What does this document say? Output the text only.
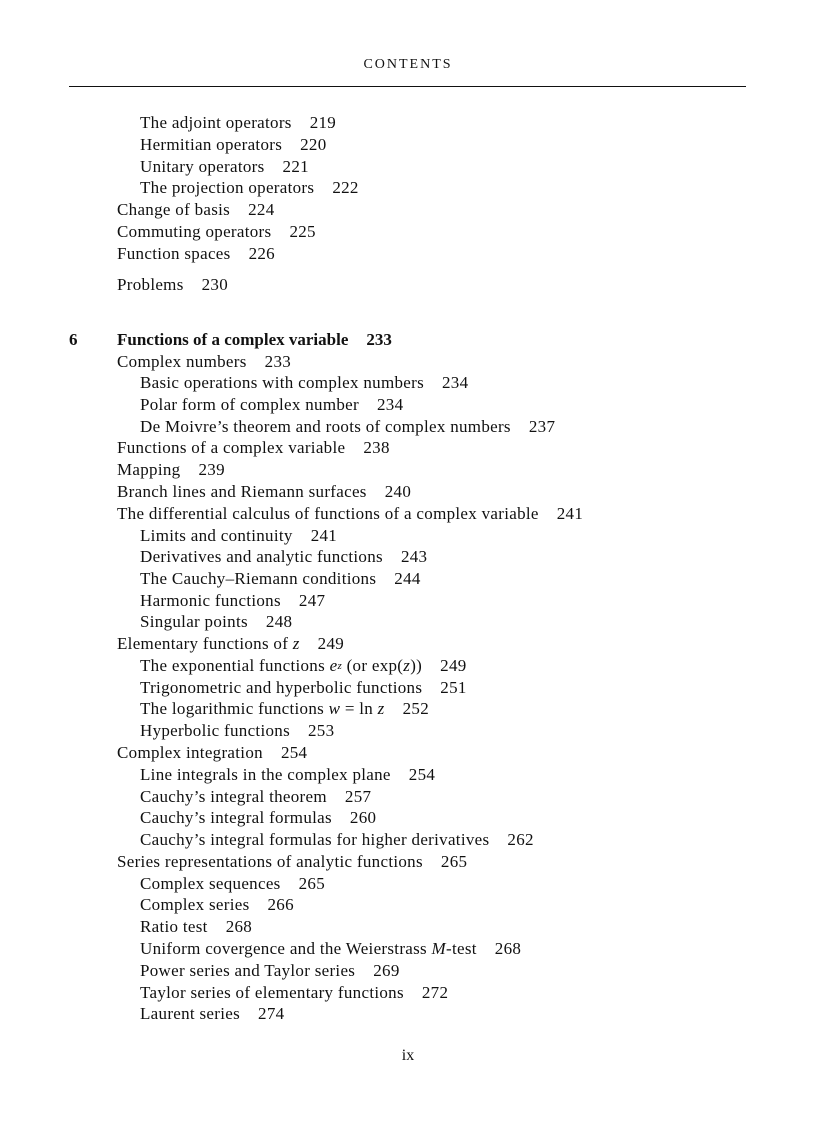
CONTENTS
The adjoint operators 219
Hermitian operators 220
Unitary operators 221
The projection operators 222
Change of basis 224
Commuting operators 225
Function spaces 226
Problems 230
6 Functions of a complex variable 233
Complex numbers 233
Basic operations with complex numbers 234
Polar form of complex number 234
De Moivre’s theorem and roots of complex numbers 237
Functions of a complex variable 238
Mapping 239
Branch lines and Riemann surfaces 240
The differential calculus of functions of a complex variable 241
Limits and continuity 241
Derivatives and analytic functions 243
The Cauchy–Riemann conditions 244
Harmonic functions 247
Singular points 248
Elementary functions of z 249
The exponential functions $e^z$ (or exp(z)) 249
Trigonometric and hyperbolic functions 251
The logarithmic functions w = ln z 252
Hyperbolic functions 253
Complex integration 254
Line integrals in the complex plane 254
Cauchy’s integral theorem 257
Cauchy’s integral formulas 260
Cauchy’s integral formulas for higher derivatives 262
Series representations of analytic functions 265
Complex sequences 265
Complex series 266
Ratio test 268
Uniform covergence and the Weierstrass M-test 268
Power series and Taylor series 269
Taylor series of elementary functions 272
Laurent series 274
ix
